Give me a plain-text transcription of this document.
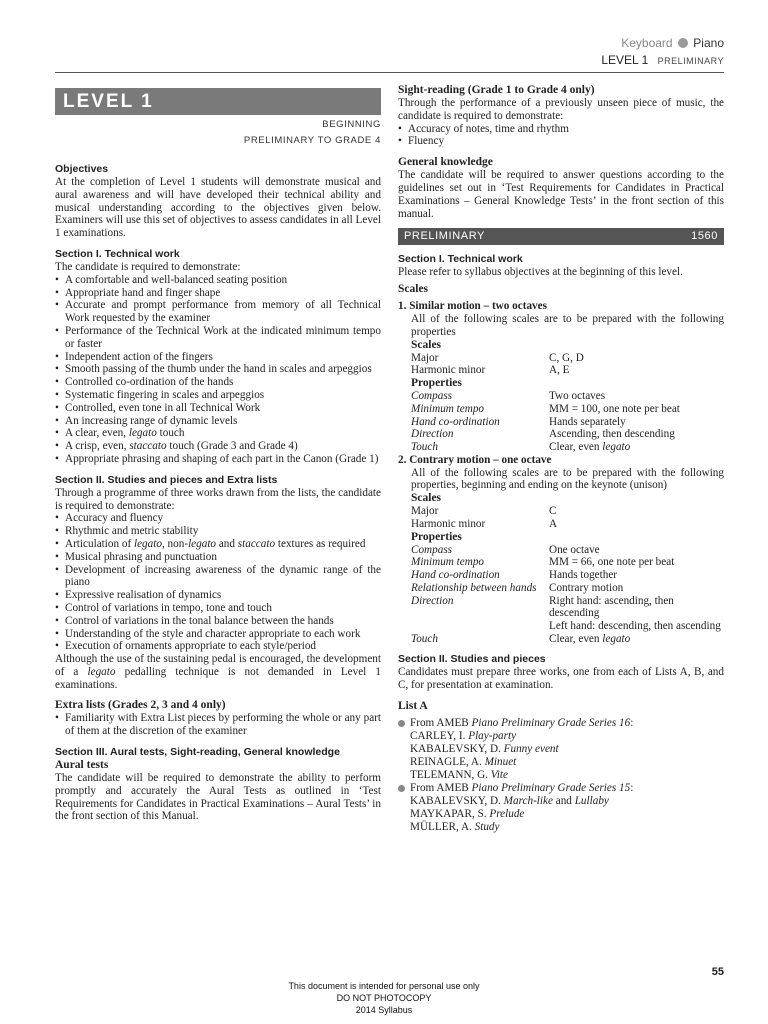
Keyboard Piano
LEVEL 1 PRELIMINARY
LEVEL 1
BEGINNING
PRELIMINARY TO GRADE 4
Objectives

At the completion of Level 1 students will demonstrate musical and aural awareness and will have developed their technical ability and musical understanding according to the objectives given below. Examiners will use this set of objectives to assess candidates in all Level 1 examinations.

Section I. Technical work

The candidate is required to demonstrate:

• A comfortable and well-balanced seating position
• Appropriate hand and finger shape
• Accurate and prompt performance from memory of all Technical Work requested by the examiner
• Performance of the Technical Work at the indicated minimum tempo or faster
• Independent action of the fingers
• Smooth passing of the thumb under the hand in scales and arpeggios
• Controlled co-ordination of the hands
• Systematic fingering in scales and arpeggios
• Controlled, even tone in all Technical Work
• An increasing range of dynamic levels
• A clear, even, legato touch
• A crisp, even, staccato touch (Grade 3 and Grade 4)
• Appropriate phrasing and shaping of each part in the Canon (Grade 1)
Section II. Studies and pieces and Extra lists

Through a programme of three works drawn from the lists, the candidate is required to demonstrate:

• Accuracy and fluency
• Rhythmic and metric stability
• Articulation of legato, non-legato and staccato textures as required
• Musical phrasing and punctuation
• Development of increasing awareness of the dynamic range of the piano
• Expressive realisation of dynamics
• Control of variations in tempo, tone and touch
• Control of variations in the tonal balance between the hands
• Understanding of the style and character appropriate to each work
• Execution of ornaments appropriate to each style/period

Although the use of the sustaining pedal is encouraged, the development of a legato pedalling technique is not demanded in Level 1 examinations.

Extra lists (Grades 2, 3 and 4 only)
• Familiarity with Extra List pieces by performing the whole or any part of them at the discretion of the examiner
Section III. Aural tests, Sight-reading, General knowledge
Aural tests

The candidate will be required to demonstrate the ability to perform promptly and accurately the Aural Tests as outlined in ‘Test Requirements for Candidates in Practical Examinations – Aural Tests’ in the front section of this Manual.

Sight-reading (Grade 1 to Grade 4 only)

Through the performance of a previously unseen piece of music, the candidate is required to demonstrate:

• Accuracy of notes, time and rhythm
• Fluency
General knowledge

The candidate will be required to answer questions according to the guidelines set out in ‘Test Requirements for Candidates in Practical Examinations – General Knowledge Tests’ in the front section of this manual.

PRELIMINARY	1560
Section I. Technical work

Please refer to syllabus objectives at the beginning of this level.

Scales
1. Similar motion – two octaves

All of the following scales are to be prepared with the following properties

Scales
Major	C, G, D
Harmonic minor	A, E
Properties
Compass	Two octaves
Minimum tempo	MM = 100, one note per beat
Hand co-ordination	Hands separately
Direction	Ascending, then descending
Touch	Clear, even legato
2. Contrary motion – one octave

All of the following scales are to be prepared with the following properties, beginning and ending on the keynote (unison)

Scales
Major	C
Harmonic minor	A
Properties
Compass	One octave
Minimum tempo	MM = 66, one note per beat
Hand co-ordination	Hands together
Relationship between hands	Contrary motion
Direction	Right hand: ascending, then descending
Left hand: descending, then ascending
Touch	Clear, even legato
Section II. Studies and pieces

Candidates must prepare three works, one from each of Lists A, B, and C, for presentation at examination.

List A
From AMEB Piano Preliminary Grade Series 16:
CARLEY, I. Play-party
KABALEVSKY, D. Funny event
REINAGLE, A. Minuet
TELEMANN, G. Vite
From AMEB Piano Preliminary Grade Series 15:
KABALEVSKY, D. March-like and Lullaby
MAYKAPAR, S. Prelude
MÜLLER, A. Study
55
This document is intended for personal use only
DO NOT PHOTOCOPY
2014 Syllabus
